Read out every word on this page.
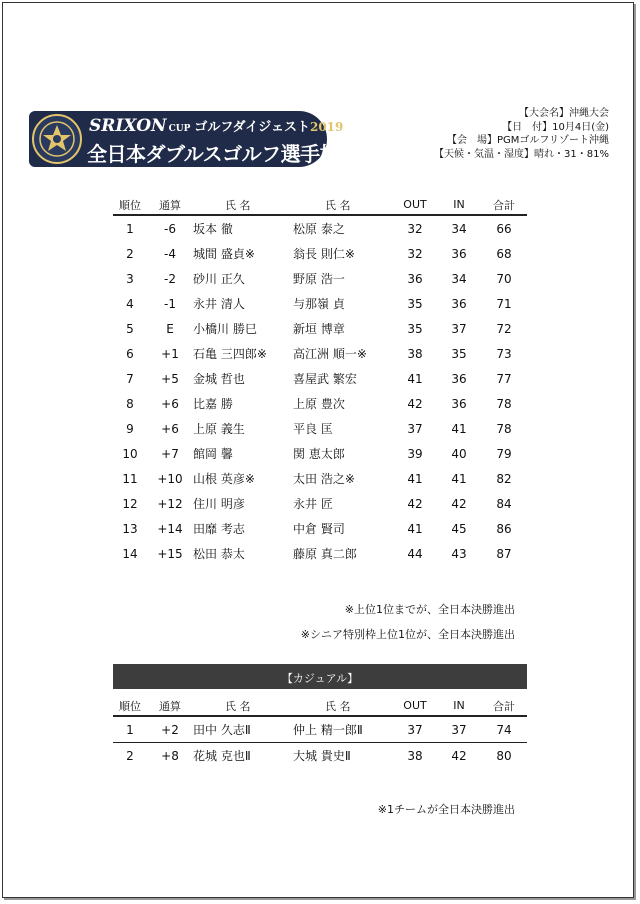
SRIXON CUP ゴルフダイジェスト2019
全日本ダブルスゴルフ選手権
【大会名】沖縄大会
【日　付】10月4日(金)
【会　場】PGMゴルフリゾート沖縄
【天候・気温・湿度】晴れ・31・81%
順位	通算	氏 名	氏 名	OUT	IN	合計
1	-6	坂本 徹	松原 泰之	32	34	66
2	-4	城間 盛貞※	翁長 則仁※	32	36	68
3	-2	砂川 正久	野原 浩一	36	34	70
4	-1	永井 清人	与那嶺 貞	35	36	71
5	E	小橋川 勝巳	新垣 博章	35	37	72
6	+1	石亀 三四郎※	高江洲 順一※	38	35	73
7	+5	金城 哲也	喜屋武 繁宏	41	36	77
8	+6	比嘉 勝	上原 豊次	42	36	78
9	+6	上原 義生	平良 匡	37	41	78
10	+7	館岡 馨	関 恵太郎	39	40	79
11	+10	山根 英彦※	太田 浩之※	41	41	82
12	+12	住川 明彦	永井 匠	42	42	84
13	+14	田靡 考志	中倉 賢司	41	45	86
14	+15	松田 恭太	藤原 真二郎	44	43	87
※上位1位までが、全日本決勝進出
※シニア特別枠上位1位が、全日本決勝進出
【カジュアル】
順位	通算	氏 名	氏 名	OUT	IN	合計
1	+2	田中 久志Ⅱ	仲上 精一郎Ⅱ	37	37	74
2	+8	花城 克也Ⅱ	大城 貴史Ⅱ	38	42	80
※1チームが全日本決勝進出
